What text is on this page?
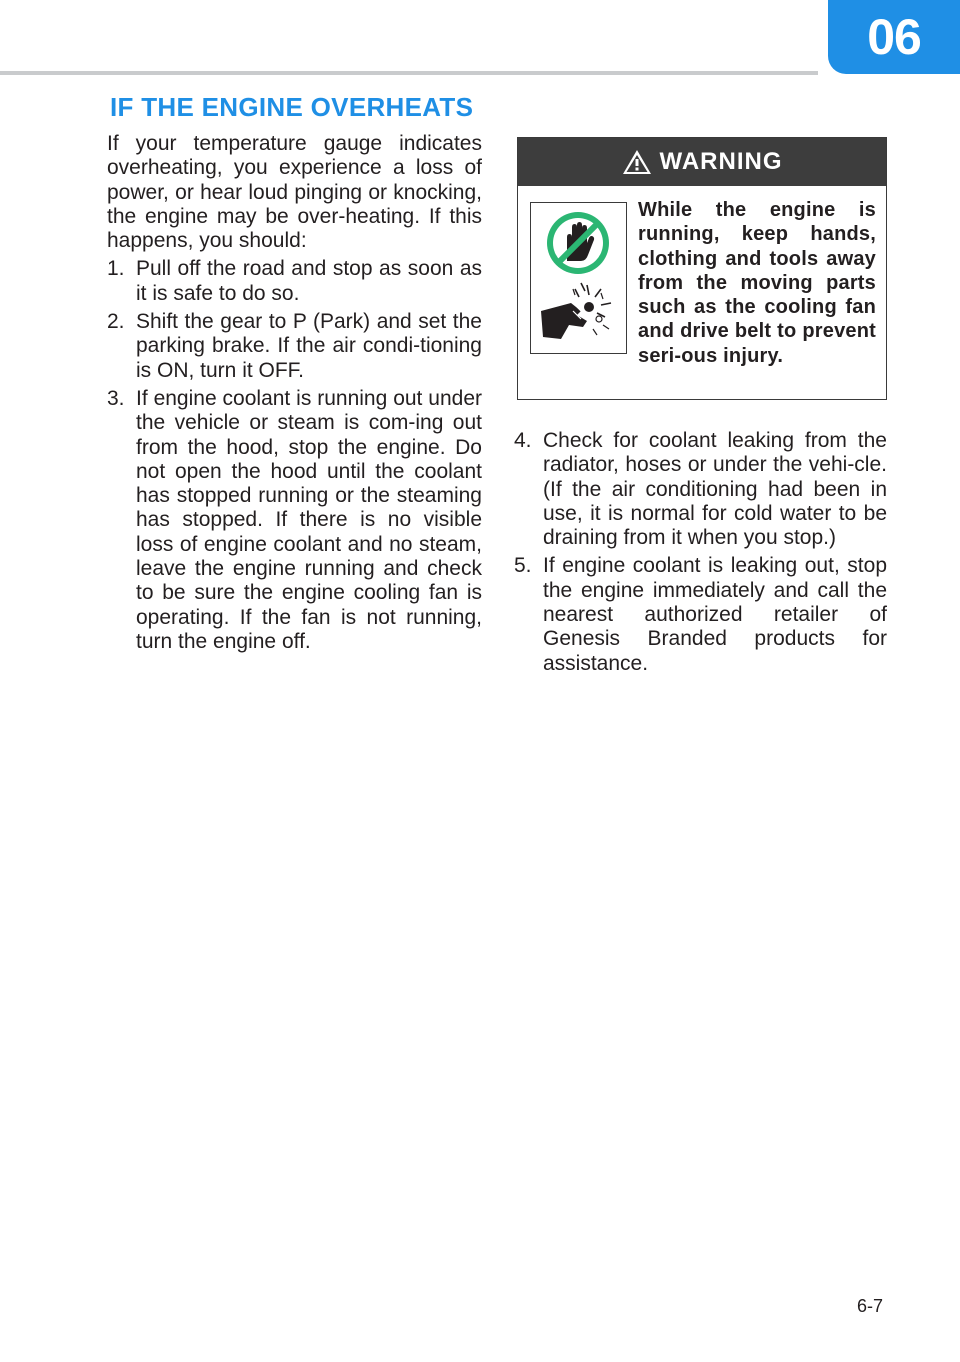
06
IF THE ENGINE OVERHEATS

If your temperature gauge indicates overheating, you experience a loss of power, or hear loud pinging or knocking, the engine may be over-heating. If this happens, you should:

1. Pull off the road and stop as soon as it is safe to do so.
2. Shift the gear to P (Park) and set the parking brake. If the air condi-tioning is ON, turn it OFF.
3. If engine coolant is running out under the vehicle or steam is com-ing out from the hood, stop the engine. Do not open the hood until the coolant has stopped running or the steaming has stopped. If there is no visible loss of engine coolant and no steam, leave the engine running and check to be sure the engine cooling fan is operating. If the fan is not running, turn the engine off.
WARNING
While the engine is running, keep hands, clothing and tools away from the moving parts such as the cooling fan and drive belt to prevent seri-ous injury.
4. Check for coolant leaking from the radiator, hoses or under the vehi-cle. (If the air conditioning had been in use, it is normal for cold water to be draining from it when you stop.)
5. If engine coolant is leaking out, stop the engine immediately and call the nearest authorized retailer of Genesis Branded products for assistance.
6-7
